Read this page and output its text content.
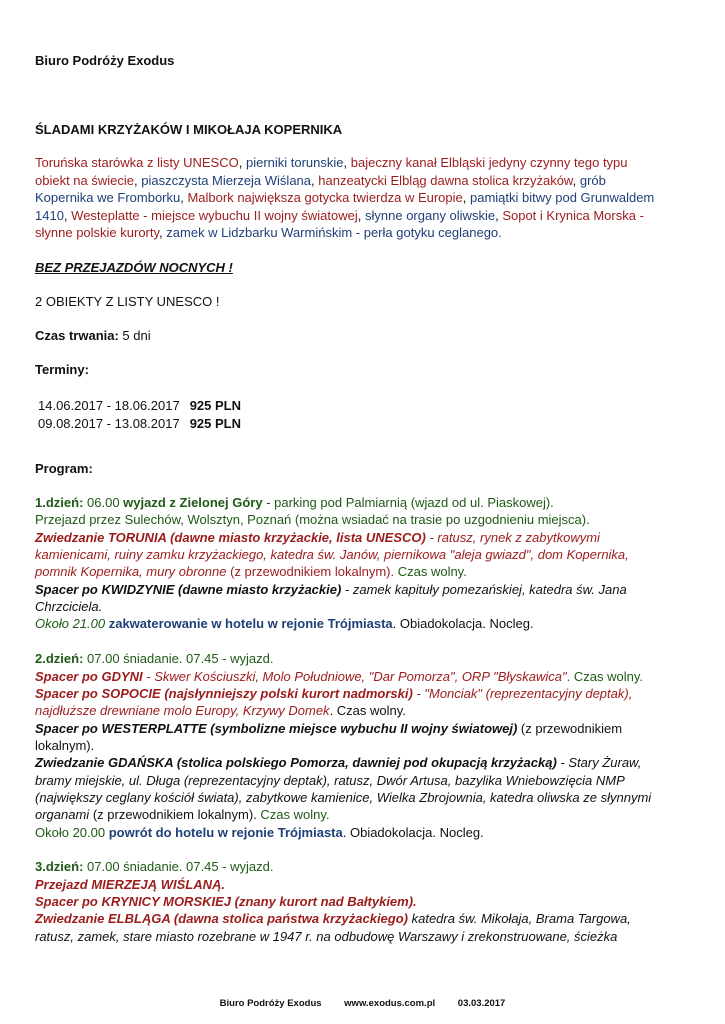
Biuro Podróży Exodus
ŚLADAMI KRZYŻAKÓW I MIKOŁAJA KOPERNIKA
Toruńska starówka z listy UNESCO, pierniki torunskie, bajeczny kanał Elbląski jedyny czynny tego typu
obiekt na świecie, piaszczysta Mierzeja Wiślana, hanzeatycki Elbląg dawna stolica krzyżaków, grób
Kopernika we Fromborku, Malbork największa gotycka twierdza w Europie, pamiątki bitwy pod Grunwaldem
1410, Westeplatte - miejsce wybuchu II wojny światowej, słynne organy oliwskie, Sopot i Krynica Morska -
słynne polskie kurorty, zamek w Lidzbarku Warmińskim - perła gotyku ceglanego.
BEZ PRZEJAZDÓW NOCNYCH !
2 OBIEKTY Z LISTY UNESCO !
Czas trwania: 5 dni
Terminy:
14.06.2017 - 18.06.2017 925 PLN
09.08.2017 - 13.08.2017 925 PLN
Program:
1.dzień: 06.00 wyjazd z Zielonej Góry - parking pod Palmiarnią (wjazd od ul. Piaskowej).
Przejazd przez Sulechów, Wolsztyn, Poznań (można wsiadać na trasie po uzgodnieniu miejsca).
Zwiedzanie TORUNIA (dawne miasto krzyżackie, lista UNESCO) - ratusz, rynek z zabytkowymi
kamienicami, ruiny zamku krzyżackiego, katedra św. Janów, piernikowa "aleja gwiazd", dom Kopernika,
pomnik Kopernika, mury obronne (z przewodnikiem lokalnym). Czas wolny.
Spacer po KWIDZYNIE (dawne miasto krzyżackie) - zamek kapituły pomezańskiej, katedra św. Jana
Chrzciciela.
Około 21.00 zakwaterowanie w hotelu w rejonie Trójmiasta. Obiadokolacja. Nocleg.
2.dzień: 07.00 śniadanie. 07.45 - wyjazd.
Spacer po GDYNI - Skwer Kościuszki, Molo Południowe, "Dar Pomorza", ORP "Błyskawica". Czas wolny.
Spacer po SOPOCIE (najsłynniejszy polski kurort nadmorski) - "Monciak" (reprezentacyjny deptak),
najdłuższe drewniane molo Europy, Krzywy Domek. Czas wolny.
Spacer po WESTERPLATTE (symbolizne miejsce wybuchu II wojny światowej) (z przewodnikiem
lokalnym).
Zwiedzanie GDAŃSKA (stolica polskiego Pomorza, dawniej pod okupacją krzyżacką) - Stary Żuraw,
bramy miejskie, ul. Długa (reprezentacyjny deptak), ratusz, Dwór Artusa, bazylika Wniebowzięcia NMP
(największy ceglany kościół świata), zabytkowe kamienice, Wielka Zbrojownia, katedra oliwska ze słynnymi
organami (z przewodnikiem lokalnym). Czas wolny.
Około 20.00 powrót do hotelu w rejonie Trójmiasta. Obiadokolacja. Nocleg.
3.dzień: 07.00 śniadanie. 07.45 - wyjazd.
Przejazd MIERZEJĄ WIŚLANĄ.
Spacer po KRYNICY MORSKIEJ (znany kurort nad Bałtykiem).
Zwiedzanie ELBLĄGA (dawna stolica państwa krzyżackiego) katedra św. Mikołaja, Brama Targowa,
ratusz, zamek, stare miasto rozebrane w 1947 r. na odbudowę Warszawy i zrekonstruowane, ścieżka
Biuro Podróży Exodus www.exodus.com.pl 03.03.2017
